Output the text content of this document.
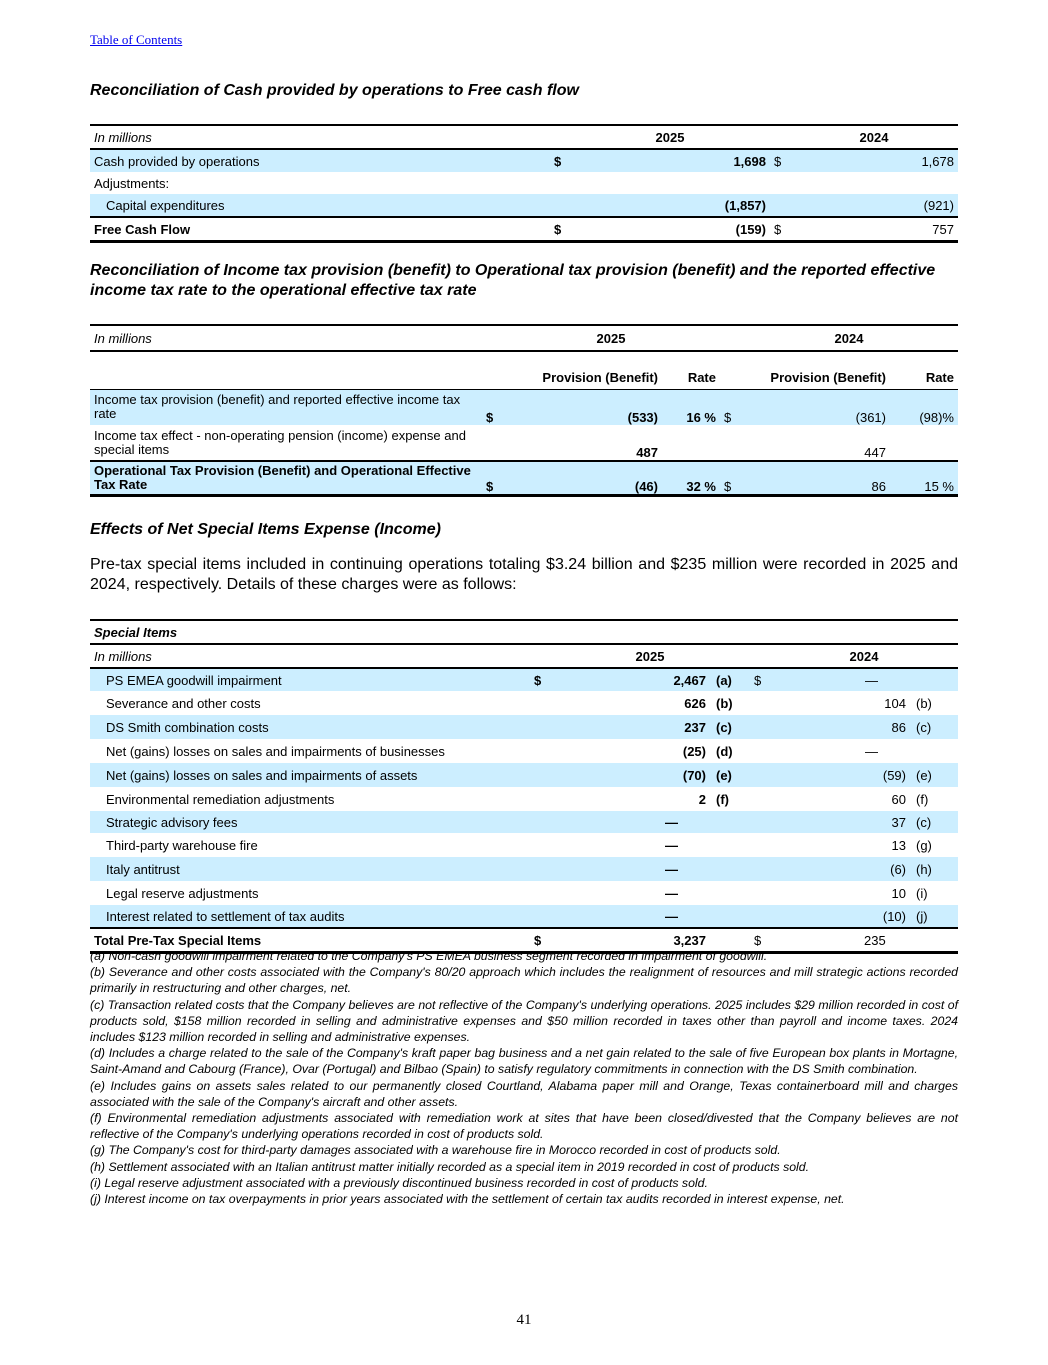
Table of Contents
Reconciliation of Cash provided by operations to Free cash flow
In millions		2025		2024
Cash provided by operations	$	1,698	$	1,678
Adjustments:				
Capital expenditures		(1,857)		(921)
Free Cash Flow	$	(159)	$	757
Reconciliation of Income tax provision (benefit) to Operational tax provision (benefit) and the reported effective income tax rate to the operational effective tax rate
In millions		2025			2024	
		Provision (Benefit)	Rate		Provision (Benefit)	Rate
Income tax provision (benefit) and reported effective income tax rate	$	(533)	16 %	$	(361)	(98)%
Income tax effect - non-operating pension (income) expense and special items		487			447	
Operational Tax Provision (Benefit) and Operational Effective Tax Rate	$	(46)	32 %	$	86	15 %
Effects of Net Special Items Expense (Income)
Pre-tax special items included in continuing operations totaling $3.24 billion and $235 million were recorded in 2025 and 2024, respectively. Details of these charges were as follows:
Special Items						
In millions		2025			2024	
PS EMEA goodwill impairment	$	2,467	(a)	$	—	
Severance and other costs		626	(b)		104	(b)
DS Smith combination costs		237	(c)		86	(c)
Net (gains) losses on sales and impairments of businesses		(25)	(d)		—	
Net (gains) losses on sales and impairments of assets		(70)	(e)		(59)	(e)
Environmental remediation adjustments		2	(f)		60	(f)
Strategic advisory fees		—			37	(c)
Third-party warehouse fire		—			13	(g)
Italy antitrust		—			(6)	(h)
Legal reserve adjustments		—			10	(i)
Interest related to settlement of tax audits		—			(10)	(j)
Total Pre-Tax Special Items	$	3,237		$	235	

(a) Non-cash goodwill impairment related to the Company's PS EMEA business segment recorded in impairment of goodwill.

(b) Severance and other costs associated with the Company's 80/20 approach which includes the realignment of resources and mill strategic actions recorded primarily in restructuring and other charges, net.

(c) Transaction related costs that the Company believes are not reflective of the Company's underlying operations. 2025 includes $29 million recorded in cost of products sold, $158 million recorded in selling and administrative expenses and $50 million recorded in taxes other than payroll and income taxes. 2024 includes $123 million recorded in selling and administrative expenses.

(d) Includes a charge related to the sale of the Company's kraft paper bag business and a net gain related to the sale of five European box plants in Mortagne, Saint-Amand and Cabourg (France), Ovar (Portugal) and Bilbao (Spain) to satisfy regulatory commitments in connection with the DS Smith combination.

(e) Includes gains on assets sales related to our permanently closed Courtland, Alabama paper mill and Orange, Texas containerboard mill and charges associated with the sale of the Company's aircraft and other assets.

(f) Environmental remediation adjustments associated with remediation work at sites that have been closed/divested that the Company believes are not reflective of the Company's underlying operations recorded in cost of products sold.

(g) The Company's cost for third-party damages associated with a warehouse fire in Morocco recorded in cost of products sold.

(h) Settlement associated with an Italian antitrust matter initially recorded as a special item in 2019 recorded in cost of products sold.

(i) Legal reserve adjustment associated with a previously discontinued business recorded in cost of products sold.

(j) Interest income on tax overpayments in prior years associated with the settlement of certain tax audits recorded in interest expense, net.

41
